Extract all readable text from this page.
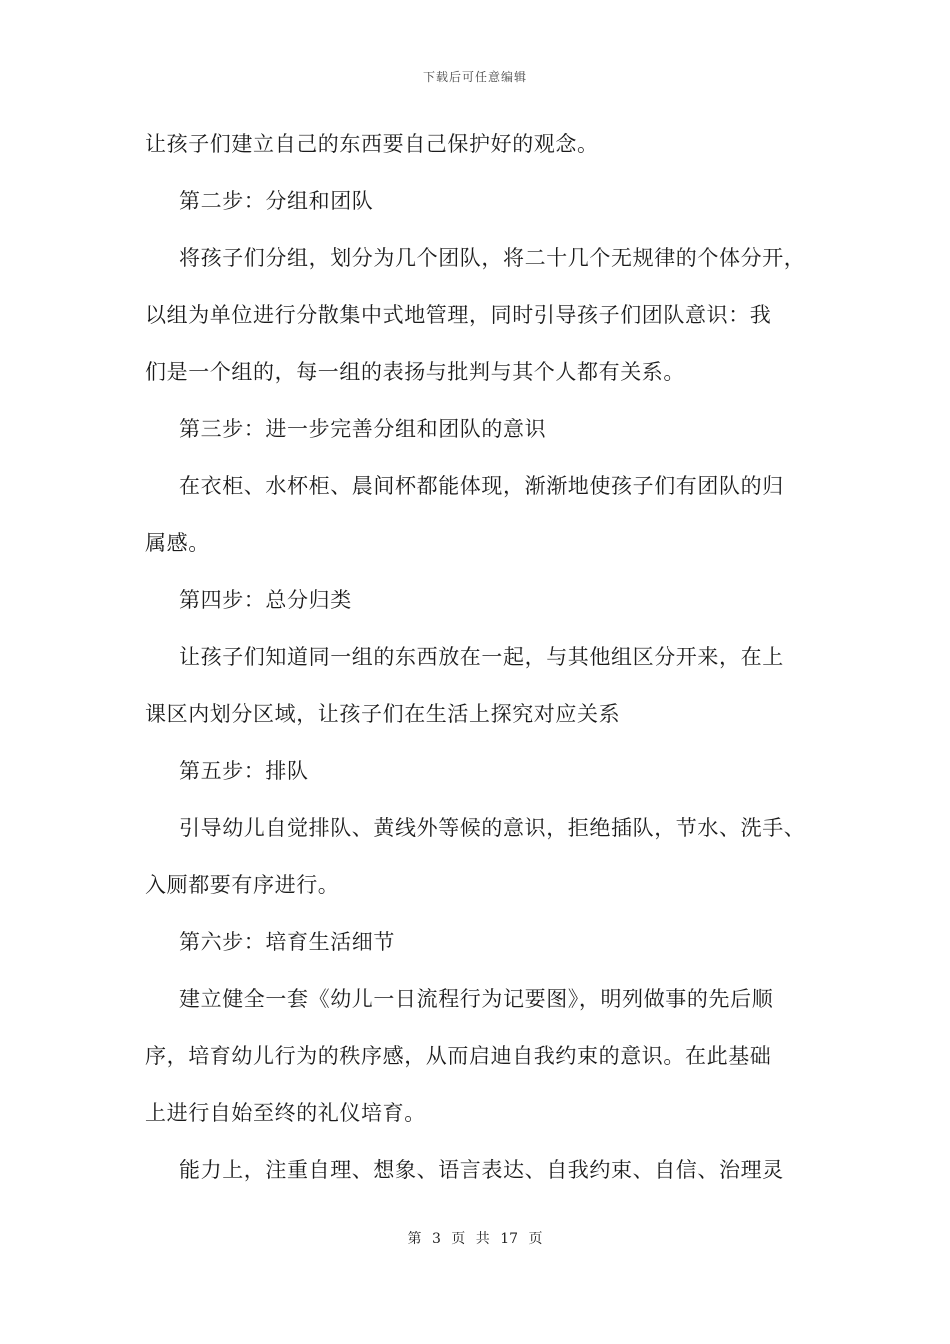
下载后可任意编辑

让孩子们建立自己的东西要自己保护好的观念。

第二步：分组和团队

将孩子们分组，划分为几个团队，将二十几个无规律的个体分开，

以组为单位进行分散集中式地管理，同时引导孩子们团队意识：我

们是一个组的，每一组的表扬与批判与其个人都有关系。

第三步：进一步完善分组和团队的意识

在衣柜、水杯柜、晨间杯都能体现，渐渐地使孩子们有团队的归

属感。

第四步：总分归类

让孩子们知道同一组的东西放在一起，与其他组区分开来，在上

课区内划分区域，让孩子们在生活上探究对应关系

第五步：排队

引导幼儿自觉排队、黄线外等候的意识，拒绝插队，节水、洗手、

入厕都要有序进行。

第六步：培育生活细节

建立健全一套《幼儿一日流程行为记要图》，明列做事的先后顺

序，培育幼儿行为的秩序感，从而启迪自我约束的意识。在此基础

上进行自始至终的礼仪培育。

能力上，注重自理、想象、语言表达、自我约束、自信、治理灵

第 3 页 共 17 页
